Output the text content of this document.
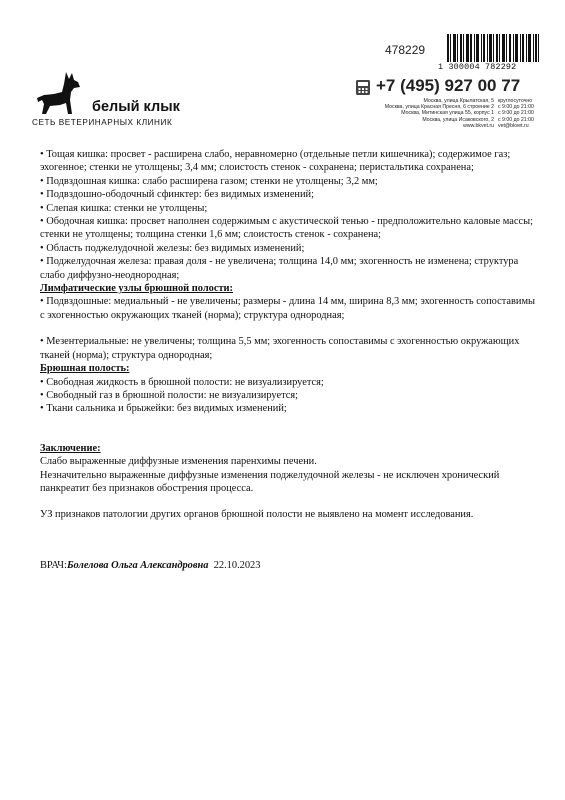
478229
1 300004 782292
белый клык
СЕТЬ ВЕТЕРИНАРНЫХ КЛИНИК
+7 (495) 927 00 77
Москва, улица Крылатская, 5 круглосуточно
Москва, улица Красная Пресня, 6 строение 2 с 9:00 до 21:00
Москва, Митинская улица 55, корпус 1 с 9:00 до 21:00
Москва, улица Исаковского, 2 с 9:00 до 21:00
www.bkvet.ru vet@bkvet.ru

• Тощая кишка: просвет - расширена слабо, неравномерно (отдельные петли кишечника); содержимое газ; эхогенное; стенки не утолщены; 3,4 мм; слоистость стенок - сохранена; перистальтика сохранена;

• Подвздошная кишка: слабо расширена газом; стенки не утолщены; 3,2 мм;

• Подвздошно-ободочный сфинктер: без видимых изменений;

• Слепая кишка: стенки не утолщены;

• Ободочная кишка: просвет наполнен содержимым с акустической тенью - предположительно каловые массы; стенки не утолщены; толщина стенки 1,6 мм; слоистость стенок - сохранена;

• Область поджелудочной железы: без видимых изменений;

• Поджелудочная железа: правая доля - не увеличена; толщина 14,0 мм; эхогенность не изменена; структура слабо диффузно-неоднородная;

Лимфатические узлы брюшной полости:

• Подвздошные: медиальный - не увеличены; размеры - длина 14 мм, ширина 8,3 мм; эхогенность сопоставимы с эхогенностью окружающих тканей (норма); структура однородная;

• Мезентериальные: не увеличены; толщина 5,5 мм; эхогенность сопоставимы с эхогенностью окружающих тканей (норма); структура однородная;

Брюшная полость:

• Свободная жидкость в брюшной полости: не визуализируется;

• Свободный газ в брюшной полости: не визуализируется;

• Ткани сальника и брыжейки: без видимых изменений;

Заключение:

Слабо выраженные диффузные изменения паренхимы печени.

Незначительно выраженные диффузные изменения поджелудочной железы - не исключен хронический панкреатит без признаков обострения процесса.

УЗ признаков патологии других органов брюшной полости не выявлено на момент исследования.

ВРАЧ:Болелова Ольга Александровна 22.10.2023
